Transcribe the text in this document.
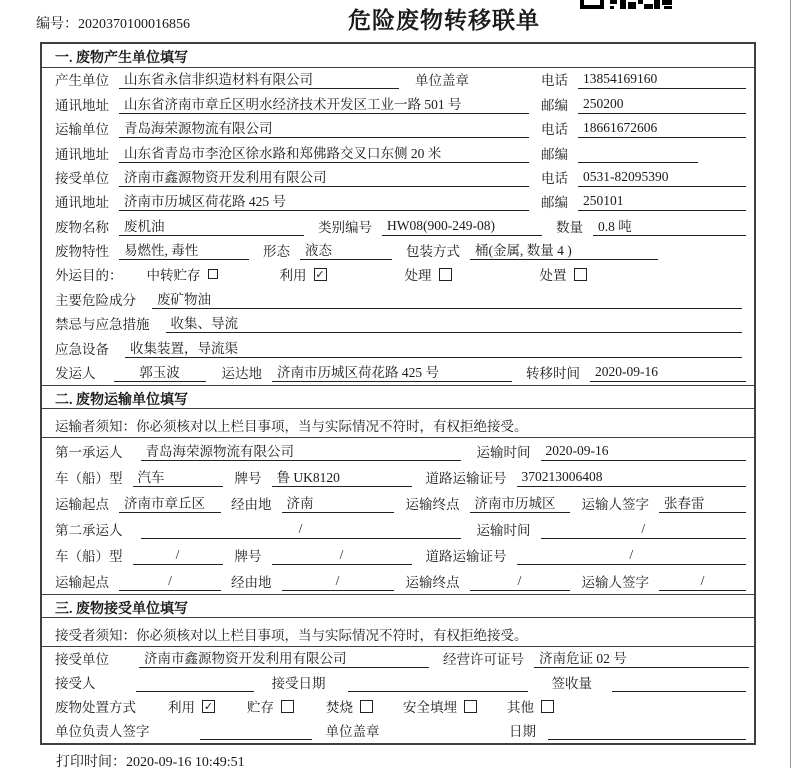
编号：2020370100016856	危险废物转移联单
一. 废物产生单位填写
产生单位	山东省永信非织造材料有限公司	单位盖章	电话	13854169160
通讯地址	山东省济南市章丘区明水经济技术开发区工业一路 501 号	邮编	250200
运输单位	青岛海荣源物流有限公司	电话	18661672606
通讯地址	山东省青岛市李沧区徐水路和郑佛路交叉口东侧 20 米	邮编
接受单位	济南市鑫源物资开发利用有限公司	电话	0531-82095390
通讯地址	济南市历城区荷花路 425 号	邮编	250101
废物名称	废机油	类别编号	HW08(900-249-08)	数量	0.8 吨
废物特性	易燃性, 毒性	形态	液态	包装方式	桶(金属, 数量 4 )
外运目的：	中转贮存	利用 ✓	处理	处置
主要危险成分	废矿物油
禁忌与应急措施	收集、导流
应急设备	收集装置，导流渠
发运人	郭玉波	运达地	济南市历城区荷花路 425 号	转移时间	2020-09-16
二. 废物运输单位填写
运输者须知：你必须核对以上栏目事项，当与实际情况不符时，有权拒绝接受。
第一承运人	青岛海荣源物流有限公司	运输时间	2020-09-16
车（船）型	汽车	牌号	鲁 UK8120	道路运输证号	370213006408
运输起点	济南市章丘区	经由地	济南	运输终点	济南市历城区	运输人签字	张春雷
第二承运人	/	运输时间	/
车（船）型	/	牌号	/	道路运输证号	/
运输起点	/	经由地	/	运输终点	/	运输人签字	/
三. 废物接受单位填写
接受者须知：你必须核对以上栏目事项，当与实际情况不符时，有权拒绝接受。
接受单位	济南市鑫源物资开发利用有限公司	经营许可证号	济南危证 02 号
接受人	接受日期	签收量
废物处置方式	利用 ✓	贮存	焚烧	安全填埋	其他
单位负责人签字	单位盖章	日期
打印时间：2020-09-16 10:49:51
